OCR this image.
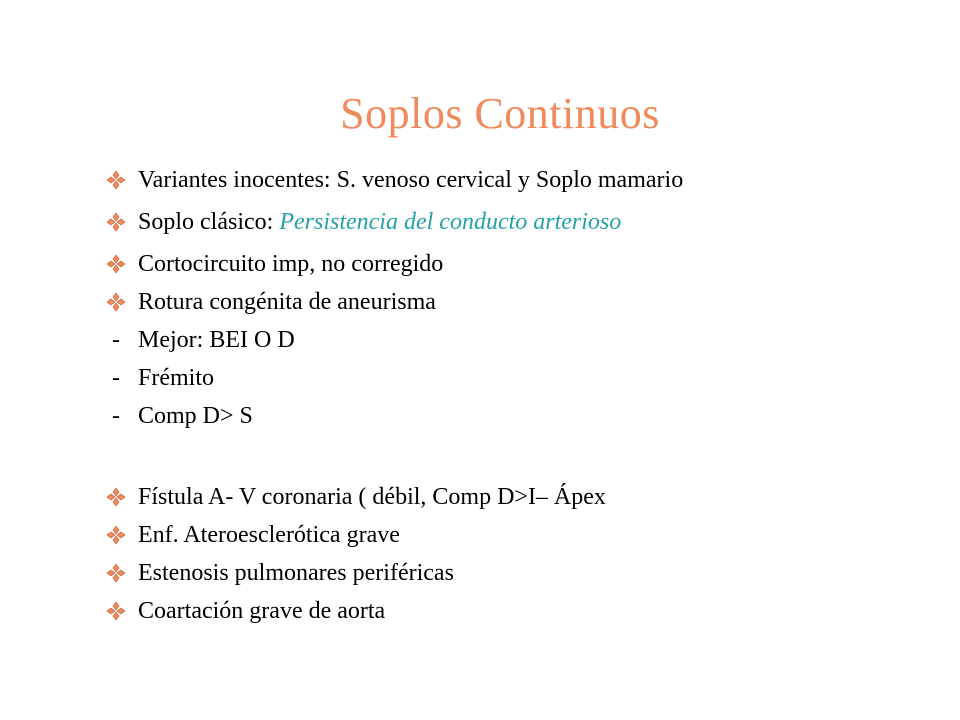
Soplos Continuos
Variantes inocentes: S. venoso cervical y Soplo mamario
Soplo clásico: Persistencia del conducto arterioso
Cortocircuito imp, no corregido
Rotura congénita de aneurisma
- Mejor: BEI O D
- Frémito
- Comp D> S
Fístula A- V coronaria ( débil, Comp D>I– Ápex
Enf. Ateroesclerótica grave
Estenosis pulmonares periféricas
Coartación grave de aorta
